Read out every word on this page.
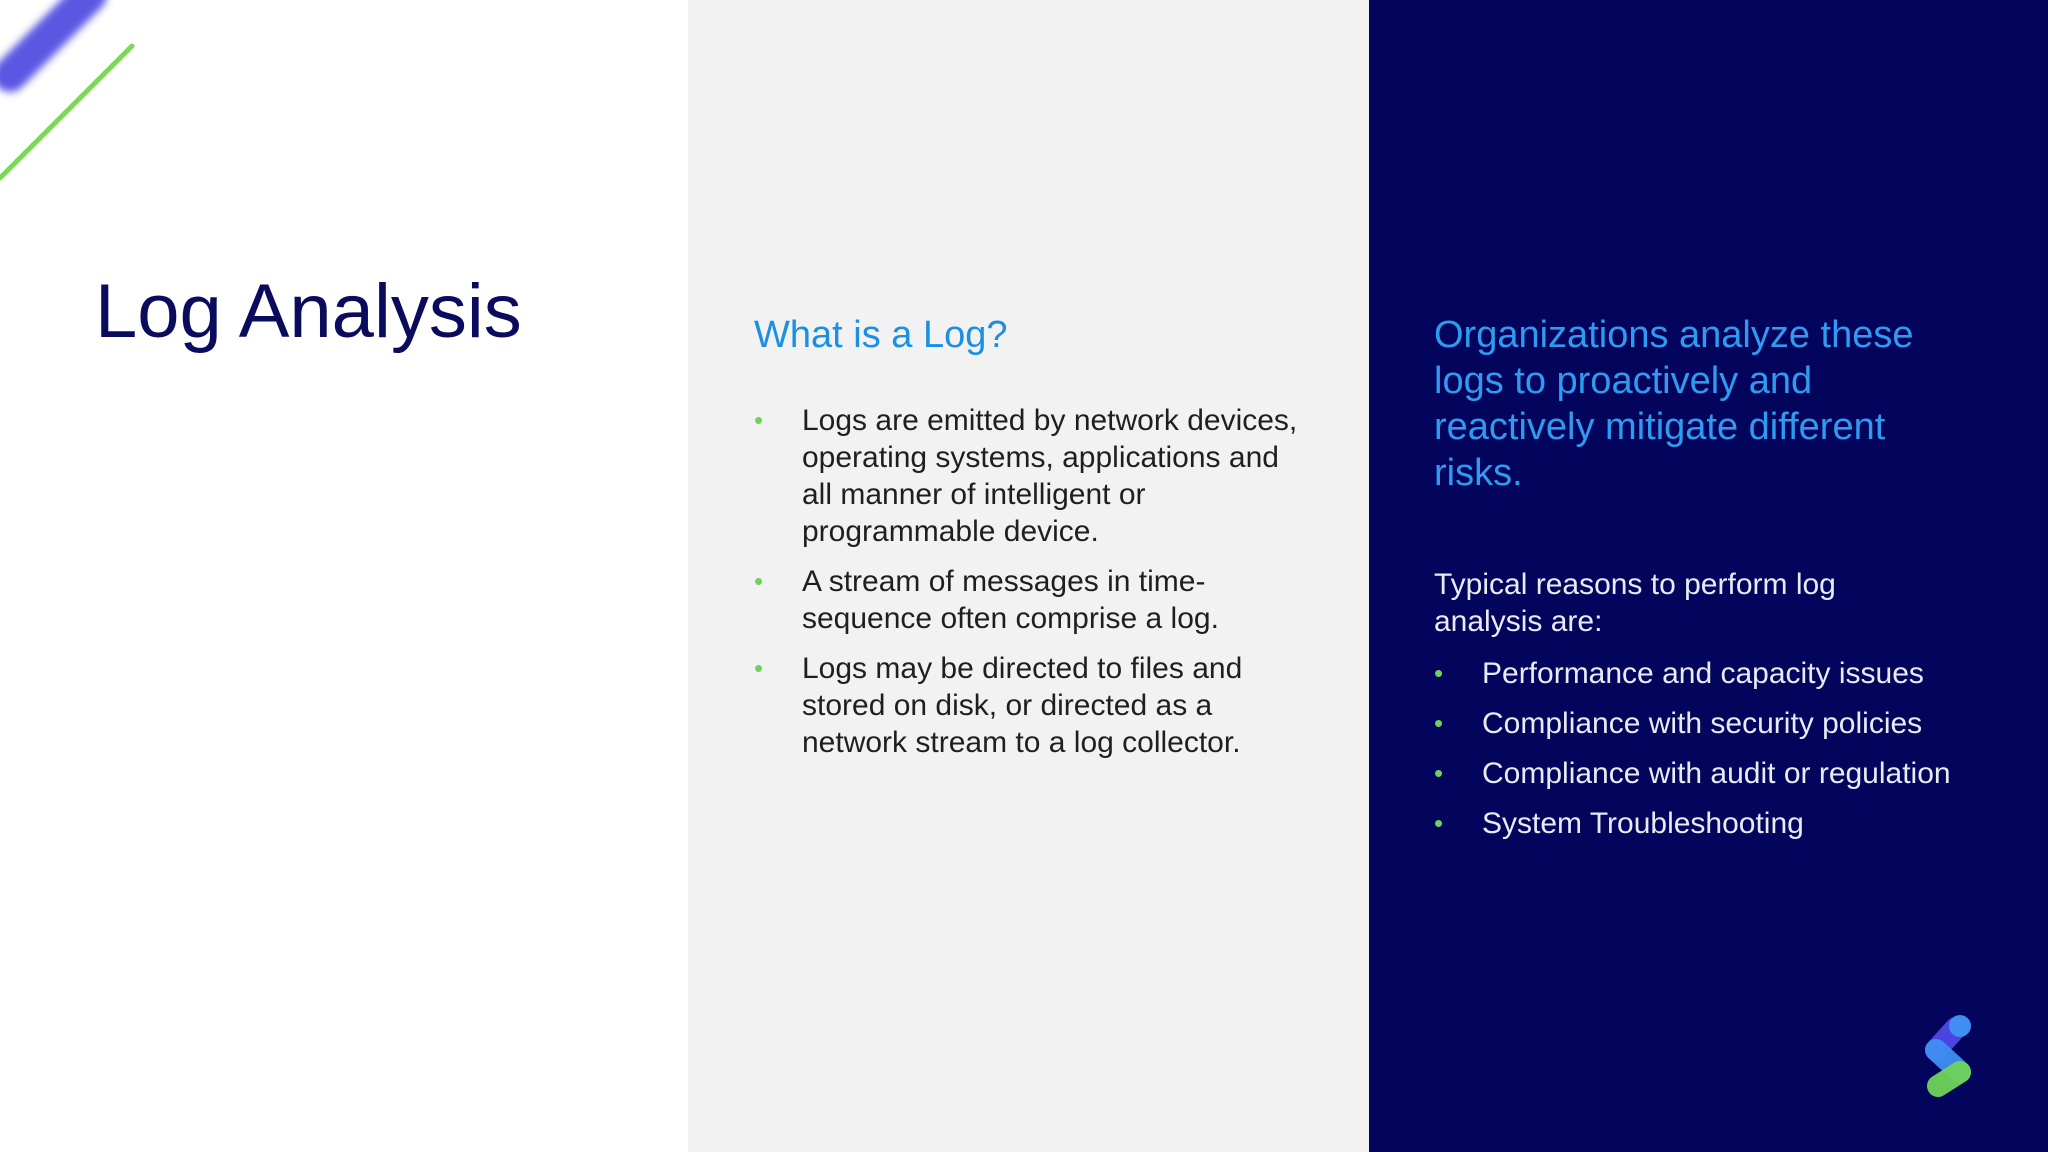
Log Analysis	What is a Log?
• Logs are emitted by network devices, operating systems, applications and all manner of intelligent or programmable device.
• A stream of messages in time-sequence often comprise a log.
• Logs may be directed to files and stored on disk, or directed as a network stream to a log collector.
Organizations analyze these logs to proactively and reactively mitigate different risks.

Typical reasons to perform log analysis are:

• Performance and capacity issues
• Compliance with security policies
• Compliance with audit or regulation
• System Troubleshooting
